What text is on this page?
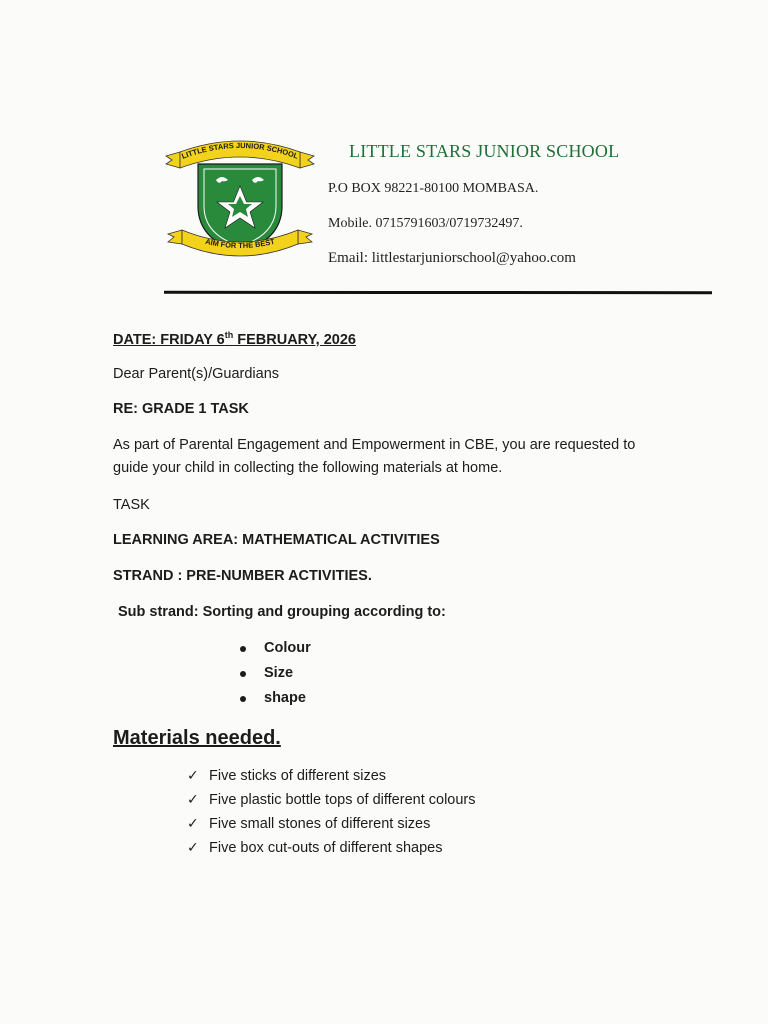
LITTLE STARS JUNIOR SCHOOL
AIM FOR THE BEST
LITTLE STARS JUNIOR SCHOOL
P.O BOX 98221-80100 MOMBASA.
Mobile. 0715791603/0719732497.
Email: littlestarjuniorschool@yahoo.com
DATE: FRIDAY 6th FEBRUARY, 2026
Dear Parent(s)/Guardians
RE: GRADE 1 TASK
As part of Parental Engagement and Empowerment in CBE, you are requested to
guide your child in collecting the following materials at home.
TASK
LEARNING AREA: MATHEMATICAL ACTIVITIES
STRAND : PRE-NUMBER ACTIVITIES.
Sub strand: Sorting and grouping according to:
Colour
Size
shape
Materials needed.
✓ Five sticks of different sizes
✓ Five plastic bottle tops of different colours
✓ Five small stones of different sizes
✓ Five box cut-outs of different shapes
